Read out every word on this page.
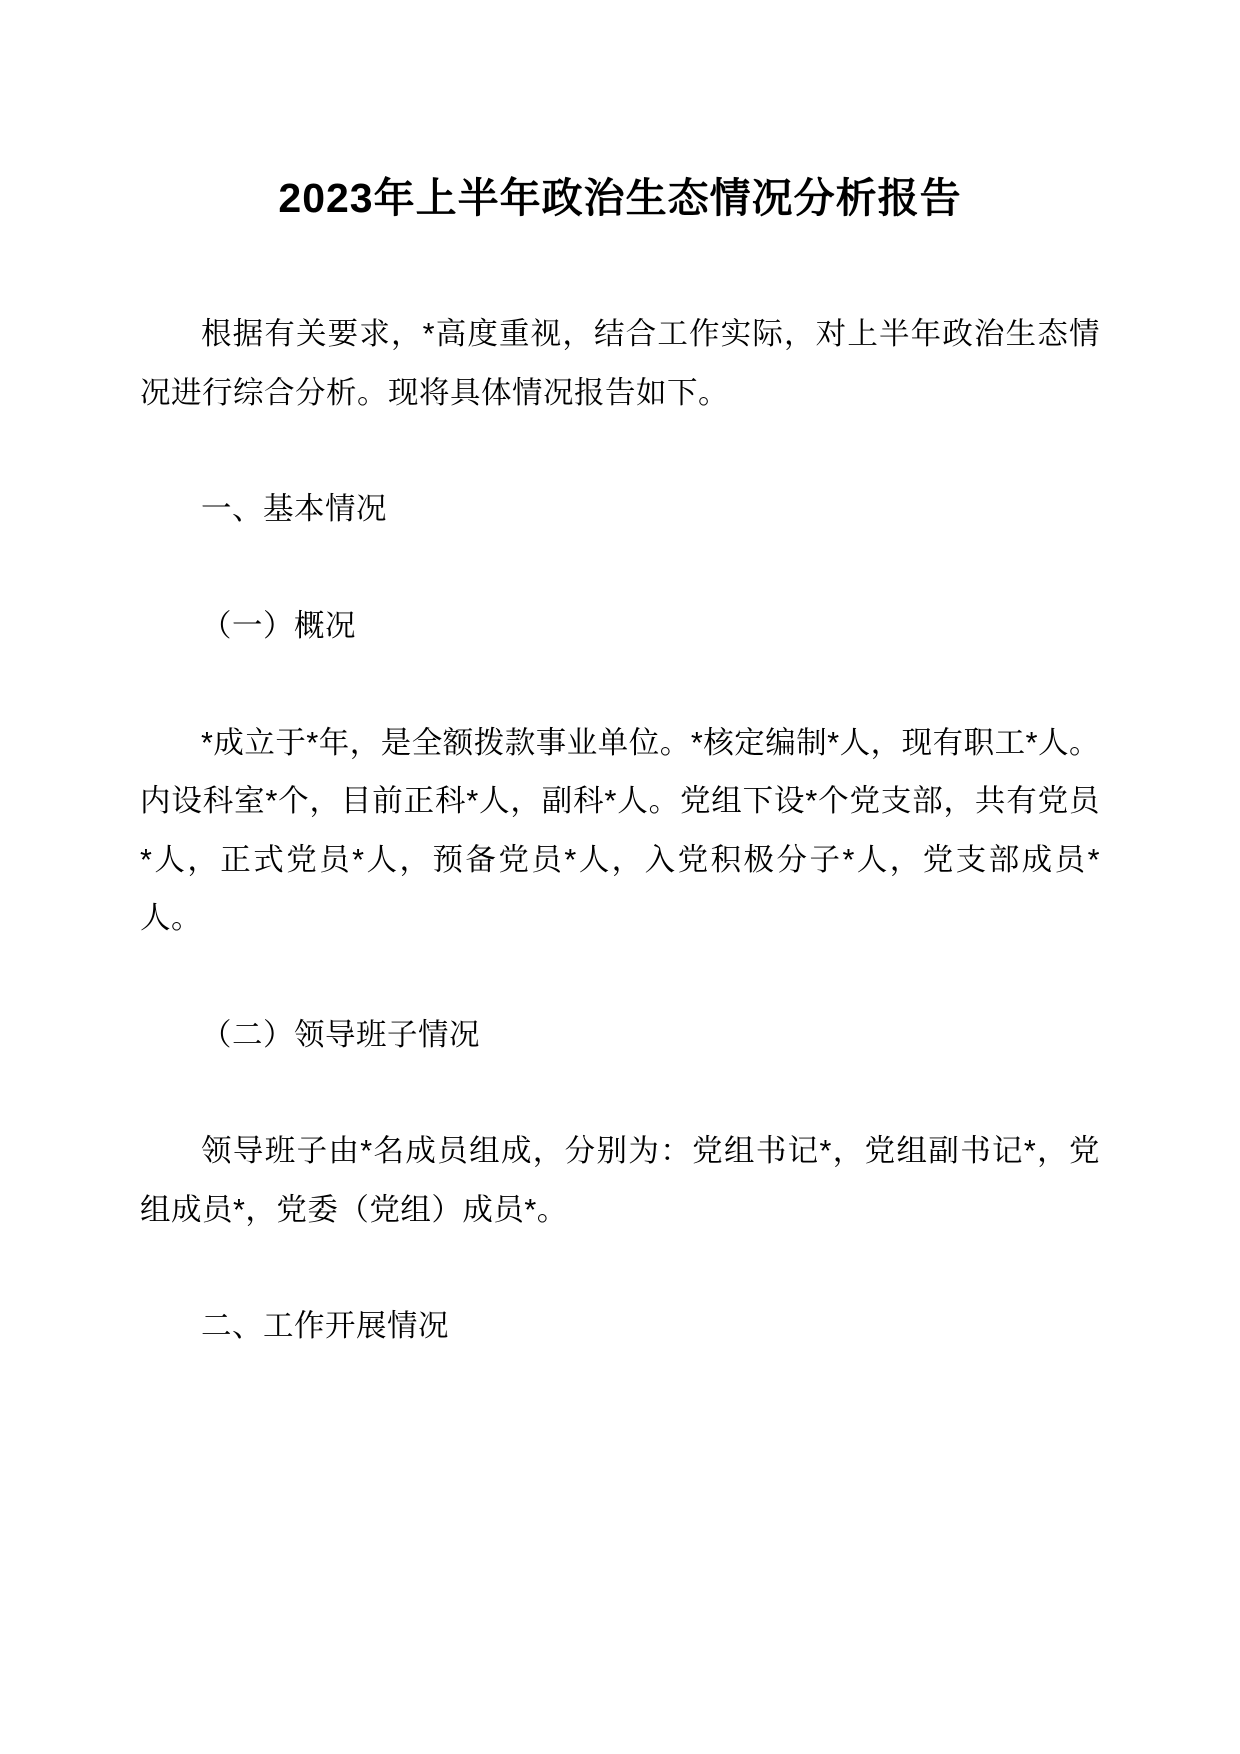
2023年上半年政治生态情况分析报告

根据有关要求，*高度重视，结合工作实际，对上半年政治生态情况进行综合分析。现将具体情况报告如下。

一、基本情况

（一）概况

*成立于*年，是全额拨款事业单位。*核定编制*人，现有职工*人。内设科室*个，目前正科*人，副科*人。党组下设*个党支部，共有党员*人，正式党员*人，预备党员*人，入党积极分子*人，党支部成员*人。

（二）领导班子情况

领导班子由*名成员组成，分别为：党组书记*，党组副书记*，党组成员*，党委（党组）成员*。

二、工作开展情况
